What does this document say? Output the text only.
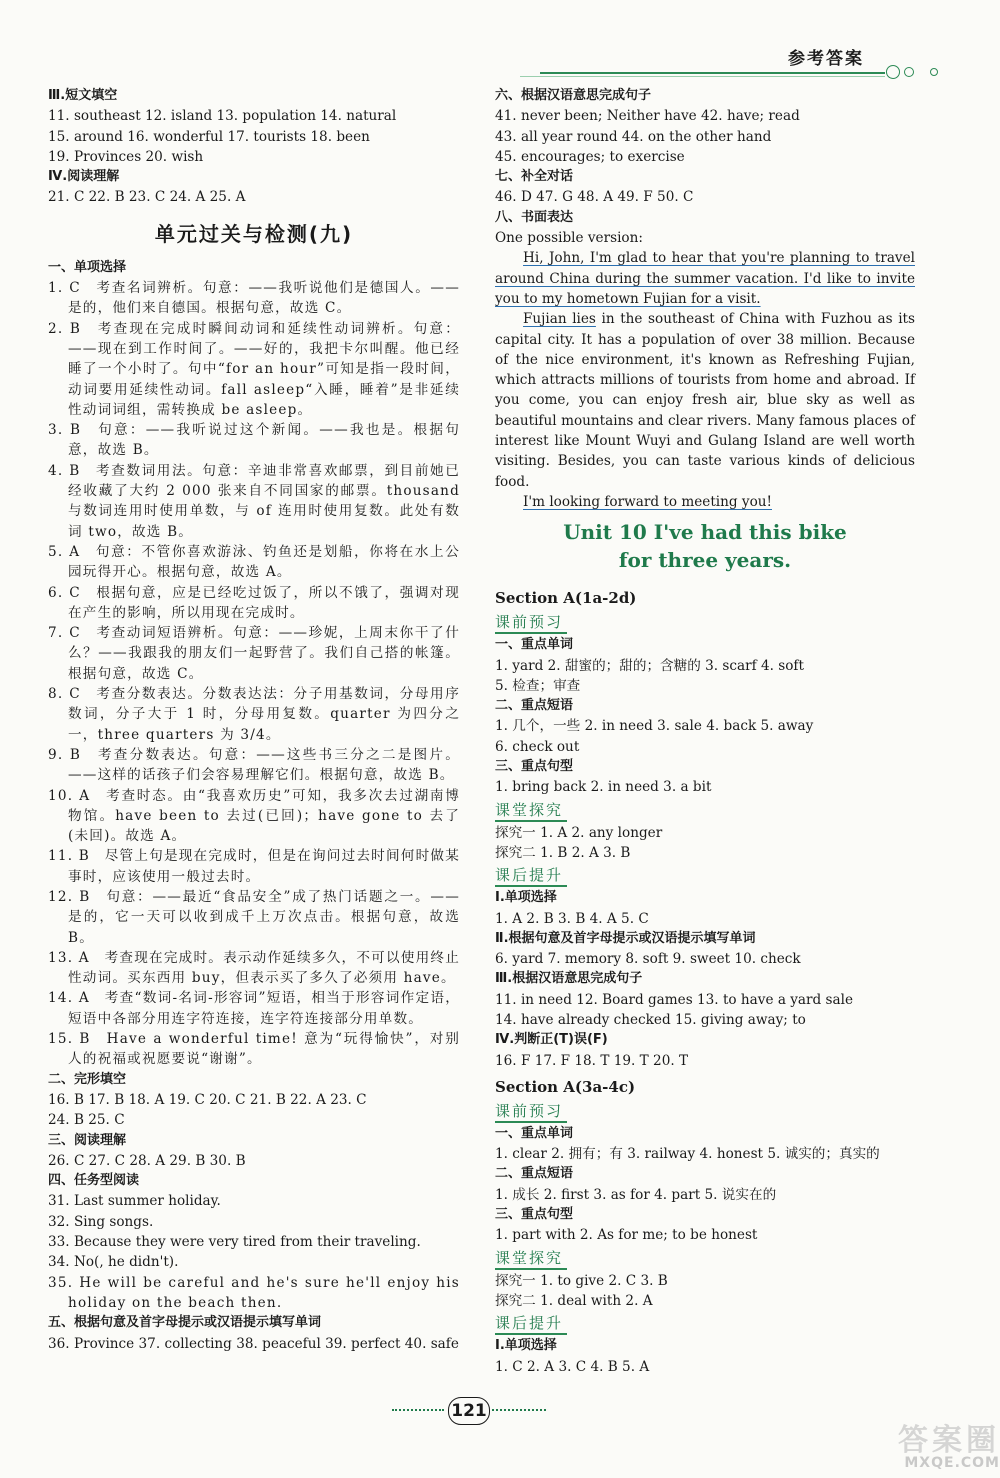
参考答案
Ⅲ.短文填空
11. southeast 12. island 13. population 14. natural
15. around 16. wonderful 17. tourists 18. been
19. Provinces 20. wish
Ⅳ.阅读理解
21. C 22. B 23. C 24. A 25. A
单元过关与检测(九)
一、单项选择
1. C　考查名词辨析。句意：——我听说他们是德国人。——是的，他们来自德国。根据句意，故选 C。
2. B　考查现在完成时瞬间动词和延续性动词辨析。句意：——现在到工作时间了。——好的，我把卡尔叫醒。他已经睡了一个小时了。句中“for an hour”可知是指一段时间，动词要用延续性动词。fall asleep“入睡，睡着”是非延续性动词词组，需转换成 be asleep。
3. B　句意：——我听说过这个新闻。——我也是。根据句意，故选 B。
4. B　考查数词用法。句意：辛迪非常喜欢邮票，到目前她已经收藏了大约 2 000 张来自不同国家的邮票。thousand 与数词连用时使用单数，与 of 连用时使用复数。此处有数词 two，故选 B。
5. A　句意：不管你喜欢游泳、钓鱼还是划船，你将在水上公园玩得开心。根据句意，故选 A。
6. C　根据句意，应是已经吃过饭了，所以不饿了，强调对现在产生的影响，所以用现在完成时。
7. C　考查动词短语辨析。句意：——珍妮，上周末你干了什么？——我跟我的朋友们一起野营了。我们自己搭的帐篷。根据句意，故选 C。
8. C　考查分数表达。分数表达法：分子用基数词，分母用序数词，分子大于 1 时，分母用复数。quarter 为四分之一，three quarters 为 3/4。
9. B　考查分数表达。句意：——这些书三分之二是图片。——这样的话孩子们会容易理解它们。根据句意，故选 B。
10. A　考查时态。由“我喜欢历史”可知，我多次去过湖南博物馆。have been to 去过(已回)；have gone to 去了(未回)。故选 A。
11. B　尽管上句是现在完成时，但是在询问过去时间何时做某事时，应该使用一般过去时。
12. B　句意：——最近“食品安全”成了热门话题之一。——是的，它一天可以收到成千上万次点击。根据句意，故选 B。
13. A　考查现在完成时。表示动作延续多久，不可以使用终止性动词。买东西用 buy，但表示买了多久了必须用 have。
14. A　考查“数词-名词-形容词”短语，相当于形容词作定语，短语中各部分用连字符连接，连字符连接部分用单数。
15. B　Have a wonderful time! 意为“玩得愉快”，对别人的祝福或祝愿要说“谢谢”。
二、完形填空
16. B 17. B 18. A 19. C 20. C 21. B 22. A 23. C
24. B 25. C
三、阅读理解
26. C 27. C 28. A 29. B 30. B
四、任务型阅读
31. Last summer holiday.
32. Sing songs.
33. Because they were very tired from their traveling.
34. No(, he didn't).
35. He will be careful and he's sure he'll enjoy his holiday on the beach then.
五、根据句意及首字母提示或汉语提示填写单词
36. Province 37. collecting 38. peaceful 39. perfect 40. safe
六、根据汉语意思完成句子
41. never been; Neither have 42. have; read
43. all year round 44. on the other hand
45. encourages; to exercise
七、补全对话
46. D 47. G 48. A 49. F 50. C
八、书面表达
One possible version:
Hi, John, I'm glad to hear that you're planning to travel around China during the summer vacation. I'd like to invite you to my hometown Fujian for a visit.
Fujian lies in the southeast of China with Fuzhou as its capital city. It has a population of over 38 million. Because of the nice environment, it's known as Refreshing Fujian, which attracts millions of tourists from home and abroad. If you come, you can enjoy fresh air, blue sky as well as beautiful mountains and clear rivers. Many famous places of interest like Mount Wuyi and Gulang Island are well worth visiting. Besides, you can taste various kinds of delicious food.
I'm looking forward to meeting you!
Unit 10 I've had this bike
for three years.
Section A(1a-2d)
课前预习
一、重点单词
1. yard 2. 甜蜜的；甜的；含糖的 3. scarf 4. soft
5. 检查；审查
二、重点短语
1. 几个，一些 2. in need 3. sale 4. back 5. away
6. check out
三、重点句型
1. bring back 2. in need 3. a bit
课堂探究
探究一 1. A 2. any longer
探究二 1. B 2. A 3. B
课后提升
Ⅰ.单项选择
1. A 2. B 3. B 4. A 5. C
Ⅱ.根据句意及首字母提示或汉语提示填写单词
6. yard 7. memory 8. soft 9. sweet 10. check
Ⅲ.根据汉语意思完成句子
11. in need 12. Board games 13. to have a yard sale
14. have already checked 15. giving away; to
Ⅳ.判断正(T)误(F)
16. F 17. F 18. T 19. T 20. T
Section A(3a-4c)
课前预习
一、重点单词
1. clear 2. 拥有；有 3. railway 4. honest 5. 诚实的；真实的
二、重点短语
1. 成长 2. first 3. as for 4. part 5. 说实在的
三、重点句型
1. part with 2. As for me; to be honest
课堂探究
探究一 1. to give 2. C 3. B
探究二 1. deal with 2. A
课后提升
Ⅰ.单项选择
1. C 2. A 3. C 4. B 5. A
121
答案圈
MXQE.COM
